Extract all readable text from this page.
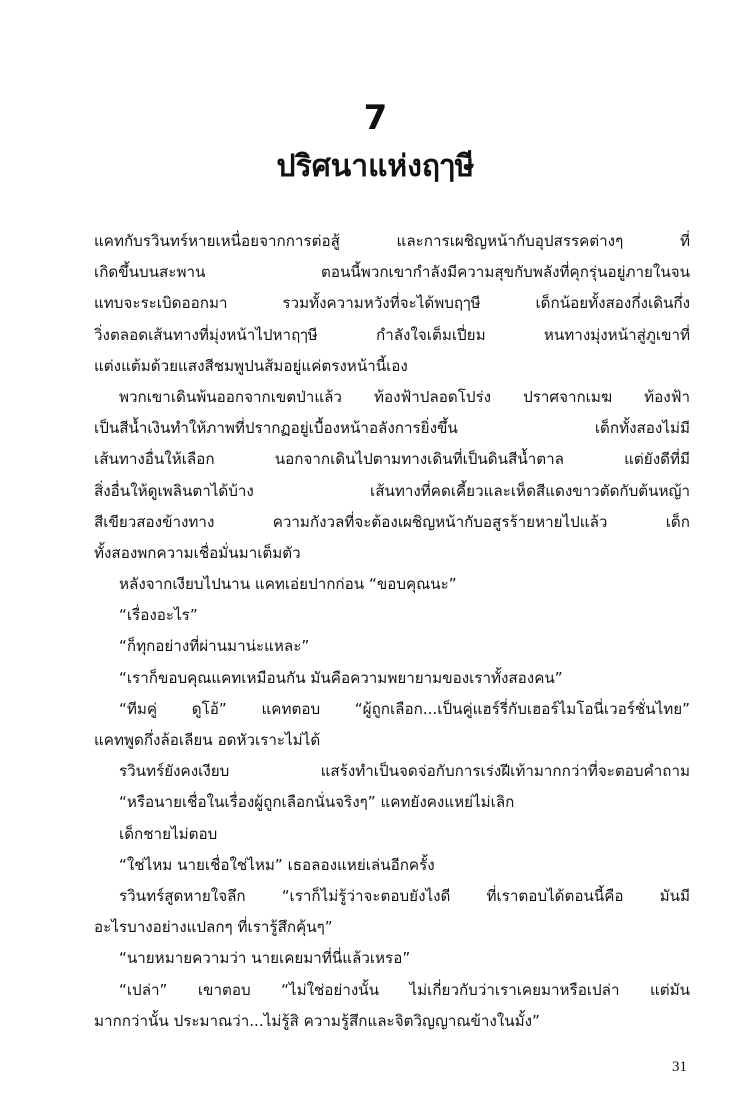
7
ปริศนาแห่งฤๅษี
แคทกับรวินทร์หายเหนื่อยจากการต่อสู้ และการเผชิญหน้ากับอุปสรรคต่างๆ ที่
เกิดขึ้นบนสะพาน ตอนนี้พวกเขากำลังมีความสุขกับพลังที่คุกรุ่นอยู่ภายในจน
แทบจะระเบิดออกมา รวมทั้งความหวังที่จะได้พบฤๅษี เด็กน้อยทั้งสองกึ่งเดินกึ่ง
วิ่งตลอดเส้นทางที่มุ่งหน้าไปหาฤๅษี กำลังใจเต็มเปี่ยม หนทางมุ่งหน้าสู่ภูเขาที่
แต่งแต้มด้วยแสงสีชมพูปนส้มอยู่แค่ตรงหน้านี้เอง
พวกเขาเดินพ้นออกจากเขตป่าแล้ว ท้องฟ้าปลอดโปร่ง ปราศจากเมฆ ท้องฟ้า
เป็นสีน้ำเงินทำให้ภาพที่ปรากฏอยู่เบื้องหน้าอลังการยิ่งขึ้น เด็กทั้งสองไม่มี
เส้นทางอื่นให้เลือก นอกจากเดินไปตามทางเดินที่เป็นดินสีน้ำตาล แต่ยังดีที่มี
สิ่งอื่นให้ดูเพลินตาได้บ้าง เส้นทางที่คดเคี้ยวและเห็ดสีแดงขาวตัดกับต้นหญ้า
สีเขียวสองข้างทาง ความกังวลที่จะต้องเผชิญหน้ากับอสูรร้ายหายไปแล้ว เด็ก
ทั้งสองพกความเชื่อมั่นมาเต็มตัว
หลังจากเงียบไปนาน แคทเอ่ยปากก่อน “ขอบคุณนะ”
“เรื่องอะไร”
“ก็ทุกอย่างที่ผ่านมาน่ะแหละ”
“เราก็ขอบคุณแคทเหมือนกัน มันคือความพยายามของเราทั้งสองคน”
“ทีมคู่ ดูโอ้” แคทตอบ “ผู้ถูกเลือก...เป็นคู่แฮร์รี่กับเฮอร์ไมโอนี่เวอร์ชั่นไทย”
แคทพูดกึ่งล้อเลียน อดหัวเราะไม่ได้
รวินทร์ยังคงเงียบ แสร้งทำเป็นจดจ่อกับการเร่งฝีเท้ามากกว่าที่จะตอบคำถาม
“หรือนายเชื่อในเรื่องผู้ถูกเลือกนั่นจริงๆ” แคทยังคงแหย่ไม่เลิก
เด็กชายไม่ตอบ
“ใช่ไหม นายเชื่อใช่ไหม” เธอลองแหย่เล่นอีกครั้ง
รวินทร์สูดหายใจลึก “เราก็ไม่รู้ว่าจะตอบยังไงดี ที่เราตอบได้ตอนนี้คือ มันมี
อะไรบางอย่างแปลกๆ ที่เรารู้สึกคุ้นๆ”
“นายหมายความว่า นายเคยมาที่นี่แล้วเหรอ”
“เปล่า” เขาตอบ “ไม่ใช่อย่างนั้น ไม่เกี่ยวกับว่าเราเคยมาหรือเปล่า แต่มัน
มากกว่านั้น ประมาณว่า...ไม่รู้สิ ความรู้สึกและจิตวิญญาณข้างในมั้ง”
31
